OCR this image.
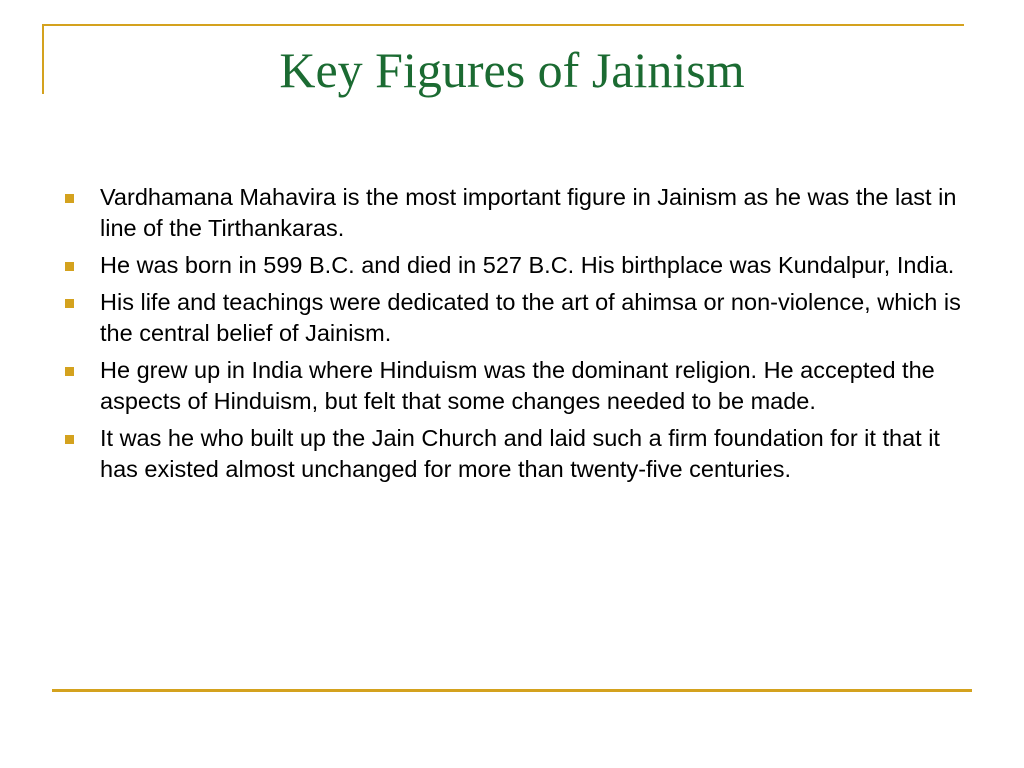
Key Figures of Jainism
Vardhamana Mahavira is the most important figure in Jainism as he was the last in line of the Tirthankaras.
He was born in 599 B.C. and died in 527 B.C. His birthplace was Kundalpur, India.
His life and teachings were dedicated to the art of ahimsa or non-violence, which is the central belief of Jainism.
He grew up in India where Hinduism was the dominant religion. He accepted the aspects of Hinduism, but felt that some changes needed to be made.
It was he who built up the Jain Church and laid such a firm foundation for it that it has existed almost unchanged for more than twenty-five centuries.
